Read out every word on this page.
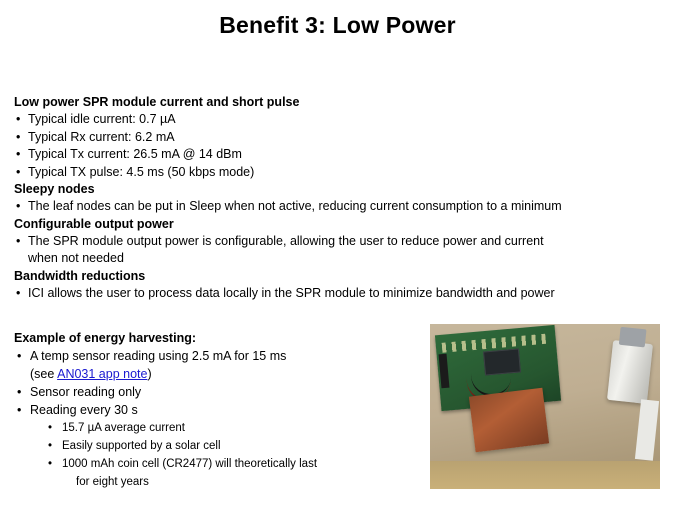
Benefit 3: Low Power
Low power SPR module current and short pulse
• Typical idle current: 0.7 µA
• Typical Rx current: 6.2 mA
• Typical Tx current: 26.5 mA @ 14 dBm
• Typical TX pulse: 4.5 ms (50 kbps mode)
Sleepy nodes
• The leaf nodes can be put in Sleep when not active, reducing current consumption to a minimum
Configurable output power
• The SPR module output power is configurable, allowing the user to reduce power and current
when not needed
Bandwidth reductions
• ICI allows the user to process data locally in the SPR module to minimize bandwidth and power
Example of energy harvesting:
• A temp sensor reading using 2.5 mA for 15 ms
(see AN031 app note)
• Sensor reading only
• Reading every 30 s
• 15.7 µA average current
• Easily supported by a solar cell
• 1000 mAh coin cell (CR2477) will theoretically last
for eight years
